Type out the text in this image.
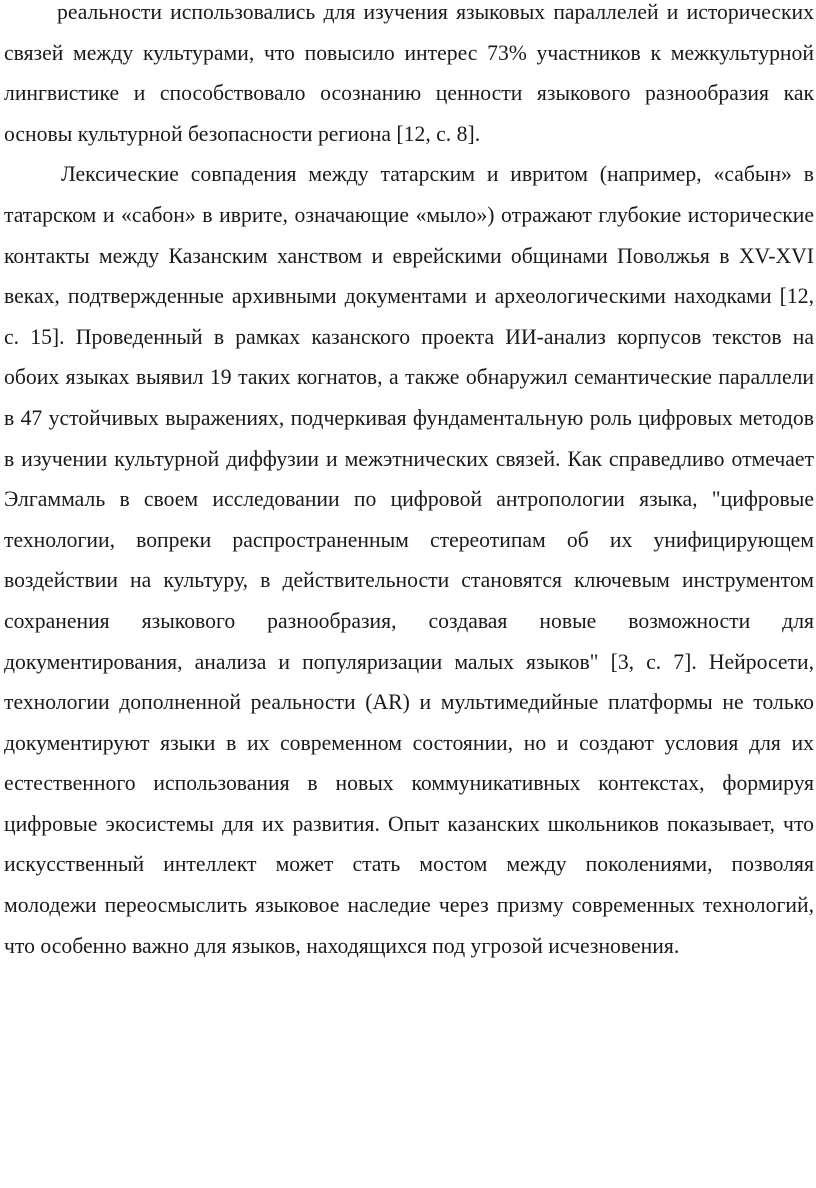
реальности использовались для изучения языковых параллелей и исторических связей между культурами, что повысило интерес 73% участников к межкультурной лингвистике и способствовало осознанию ценности языкового разнообразия как основы культурной безопасности региона [12, с. 8].

Лексические совпадения между татарским и ивритом (например, «сабын» в татарском и «сабон» в иврите, означающие «мыло») отражают глубокие исторические контакты между Казанским ханством и еврейскими общинами Поволжья в XV-XVI веках, подтвержденные архивными документами и археологическими находками [12, с. 15]. Проведенный в рамках казанского проекта ИИ-анализ корпусов текстов на обоих языках выявил 19 таких когнатов, а также обнаружил семантические параллели в 47 устойчивых выражениях, подчеркивая фундаментальную роль цифровых методов в изучении культурной диффузии и межэтнических связей. Как справедливо отмечает Элгаммаль в своем исследовании по цифровой антропологии языка, "цифровые технологии, вопреки распространенным стереотипам об их унифицирующем воздействии на культуру, в действительности становятся ключевым инструментом сохранения языкового разнообразия, создавая новые возможности для документирования, анализа и популяризации малых языков" [3, с. 7]. Нейросети, технологии дополненной реальности (AR) и мультимедийные платформы не только документируют языки в их современном состоянии, но и создают условия для их естественного использования в новых коммуникативных контекстах, формируя цифровые экосистемы для их развития. Опыт казанских школьников показывает, что искусственный интеллект может стать мостом между поколениями, позволяя молодежи переосмыслить языковое наследие через призму современных технологий, что особенно важно для языков, находящихся под угрозой исчезновения.
